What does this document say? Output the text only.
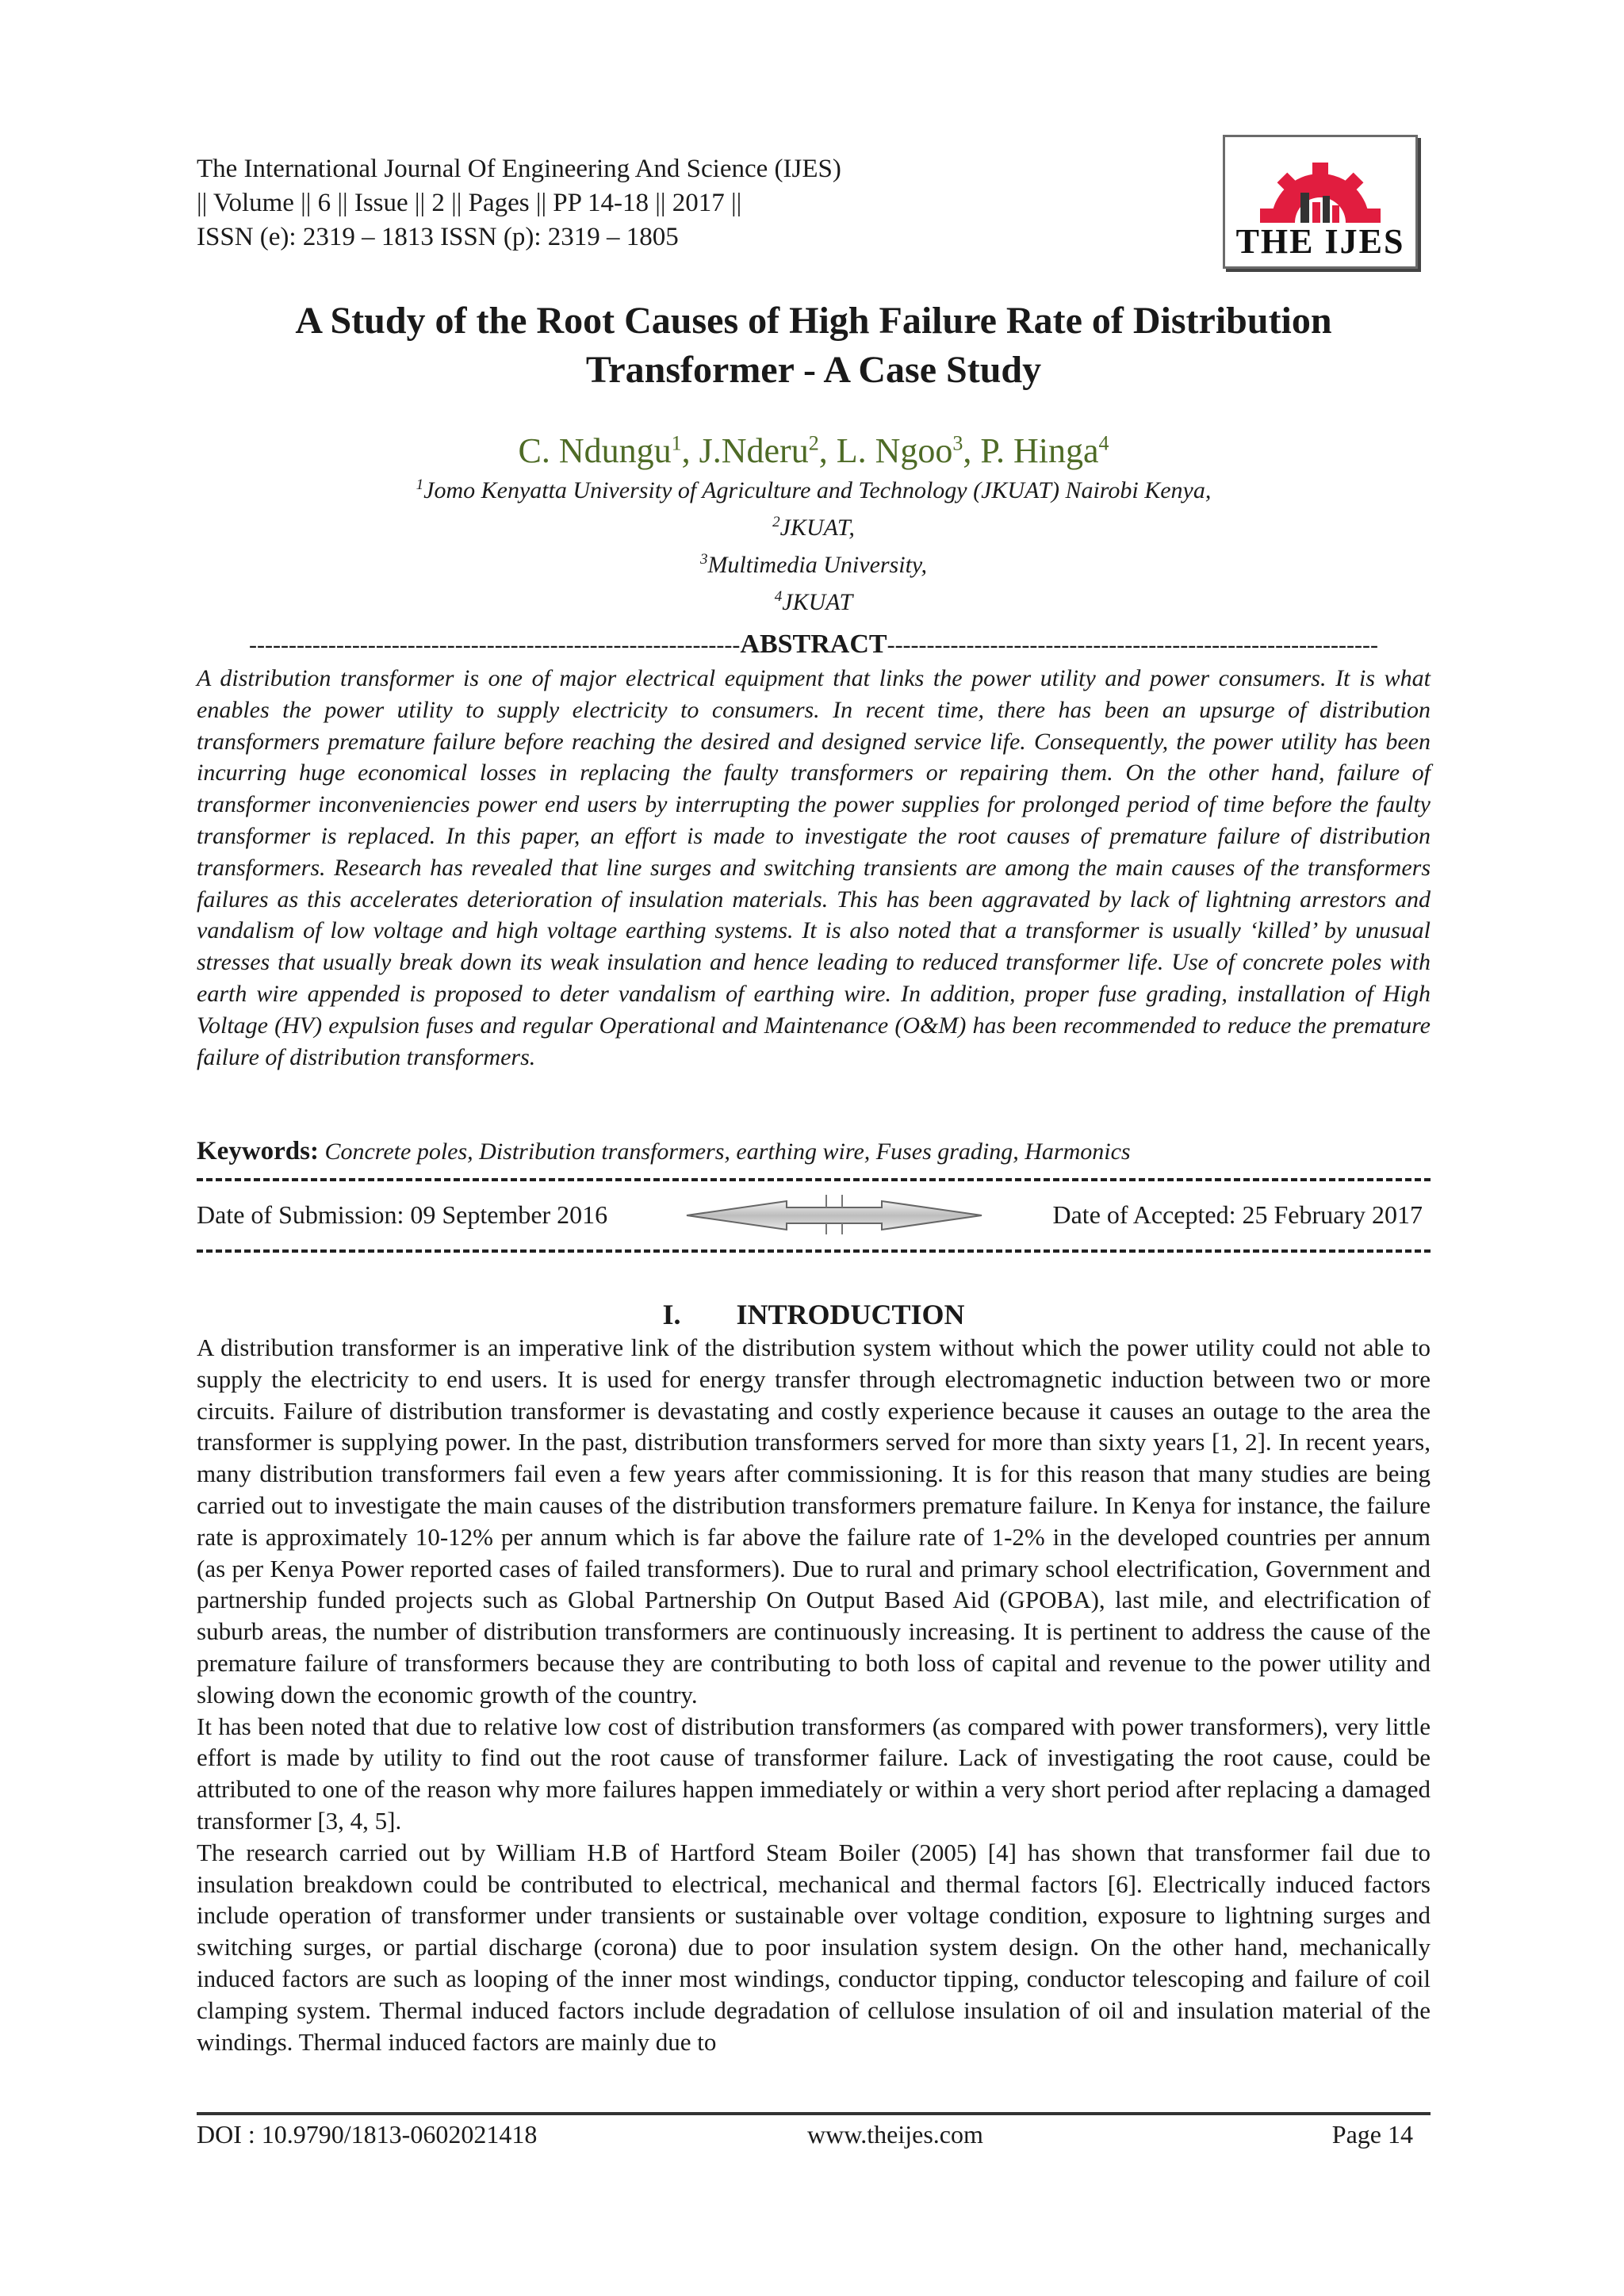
The International Journal Of Engineering And Science (IJES)
|| Volume || 6 || Issue || 2 || Pages || PP 14-18 || 2017 ||
ISSN (e): 2319 – 1813 ISSN (p): 2319 – 1805	THE IJES
A Study of the Root Causes of High Failure Rate of Distribution
Transformer - A Case Study
C. Ndungu$^1$, J.Nderu$^2$, L. Ngoo$^3$, P. Hinga$^4$
$^1$Jomo Kenyatta University of Agriculture and Technology (JKUAT) Nairobi Kenya,
$^2$JKUAT,
$^3$Multimedia University,
$^4$JKUAT
--------------------------------------------------------------ABSTRACT--------------------------------------------------------------
A distribution transformer is one of major electrical equipment that links the power utility and power consumers. It is what enables the power utility to supply electricity to consumers. In recent time, there has been an upsurge of distribution transformers premature failure before reaching the desired and designed service life. Consequently, the power utility has been incurring huge economical losses in replacing the faulty transformers or repairing them. On the other hand, failure of transformer inconveniencies power end users by interrupting the power supplies for prolonged period of time before the faulty transformer is replaced. In this paper, an effort is made to investigate the root causes of premature failure of distribution transformers. Research has revealed that line surges and switching transients are among the main causes of the transformers failures as this accelerates deterioration of insulation materials. This has been aggravated by lack of lightning arrestors and vandalism of low voltage and high voltage earthing systems. It is also noted that a transformer is usually ‘killed’ by unusual stresses that usually break down its weak insulation and hence leading to reduced transformer life. Use of concrete poles with earth wire appended is proposed to deter vandalism of earthing wire. In addition, proper fuse grading, installation of High Voltage (HV) expulsion fuses and regular Operational and Maintenance (O&M) has been recommended to reduce the premature failure of distribution transformers.
Keywords: Concrete poles, Distribution transformers, earthing wire, Fuses grading, Harmonics
Date of Submission: 09 September 2016	Date of Accepted: 25 February 2017
I. INTRODUCTION

A distribution transformer is an imperative link of the distribution system without which the power utility could not able to supply the electricity to end users. It is used for energy transfer through electromagnetic induction between two or more circuits. Failure of distribution transformer is devastating and costly experience because it causes an outage to the area the transformer is supplying power. In the past, distribution transformers served for more than sixty years [1, 2]. In recent years, many distribution transformers fail even a few years after commissioning. It is for this reason that many studies are being carried out to investigate the main causes of the distribution transformers premature failure. In Kenya for instance, the failure rate is approximately 10-12% per annum which is far above the failure rate of 1-2% in the developed countries per annum (as per Kenya Power reported cases of failed transformers). Due to rural and primary school electrification, Government and partnership funded projects such as Global Partnership On Output Based Aid (GPOBA), last mile, and electrification of suburb areas, the number of distribution transformers are continuously increasing. It is pertinent to address the cause of the premature failure of transformers because they are contributing to both loss of capital and revenue to the power utility and slowing down the economic growth of the country.

It has been noted that due to relative low cost of distribution transformers (as compared with power transformers), very little effort is made by utility to find out the root cause of transformer failure. Lack of investigating the root cause, could be attributed to one of the reason why more failures happen immediately or within a very short period after replacing a damaged transformer [3, 4, 5].

The research carried out by William H.B of Hartford Steam Boiler (2005) [4] has shown that transformer fail due to insulation breakdown could be contributed to electrical, mechanical and thermal factors [6]. Electrically induced factors include operation of transformer under transients or sustainable over voltage condition, exposure to lightning surges and switching surges, or partial discharge (corona) due to poor insulation system design. On the other hand, mechanically induced factors are such as looping of the inner most windings, conductor tipping, conductor telescoping and failure of coil clamping system. Thermal induced factors include degradation of cellulose insulation of oil and insulation material of the windings. Thermal induced factors are mainly due to

DOI : 10.9790/1813-0602021418	www.theijes.com	Page 14
